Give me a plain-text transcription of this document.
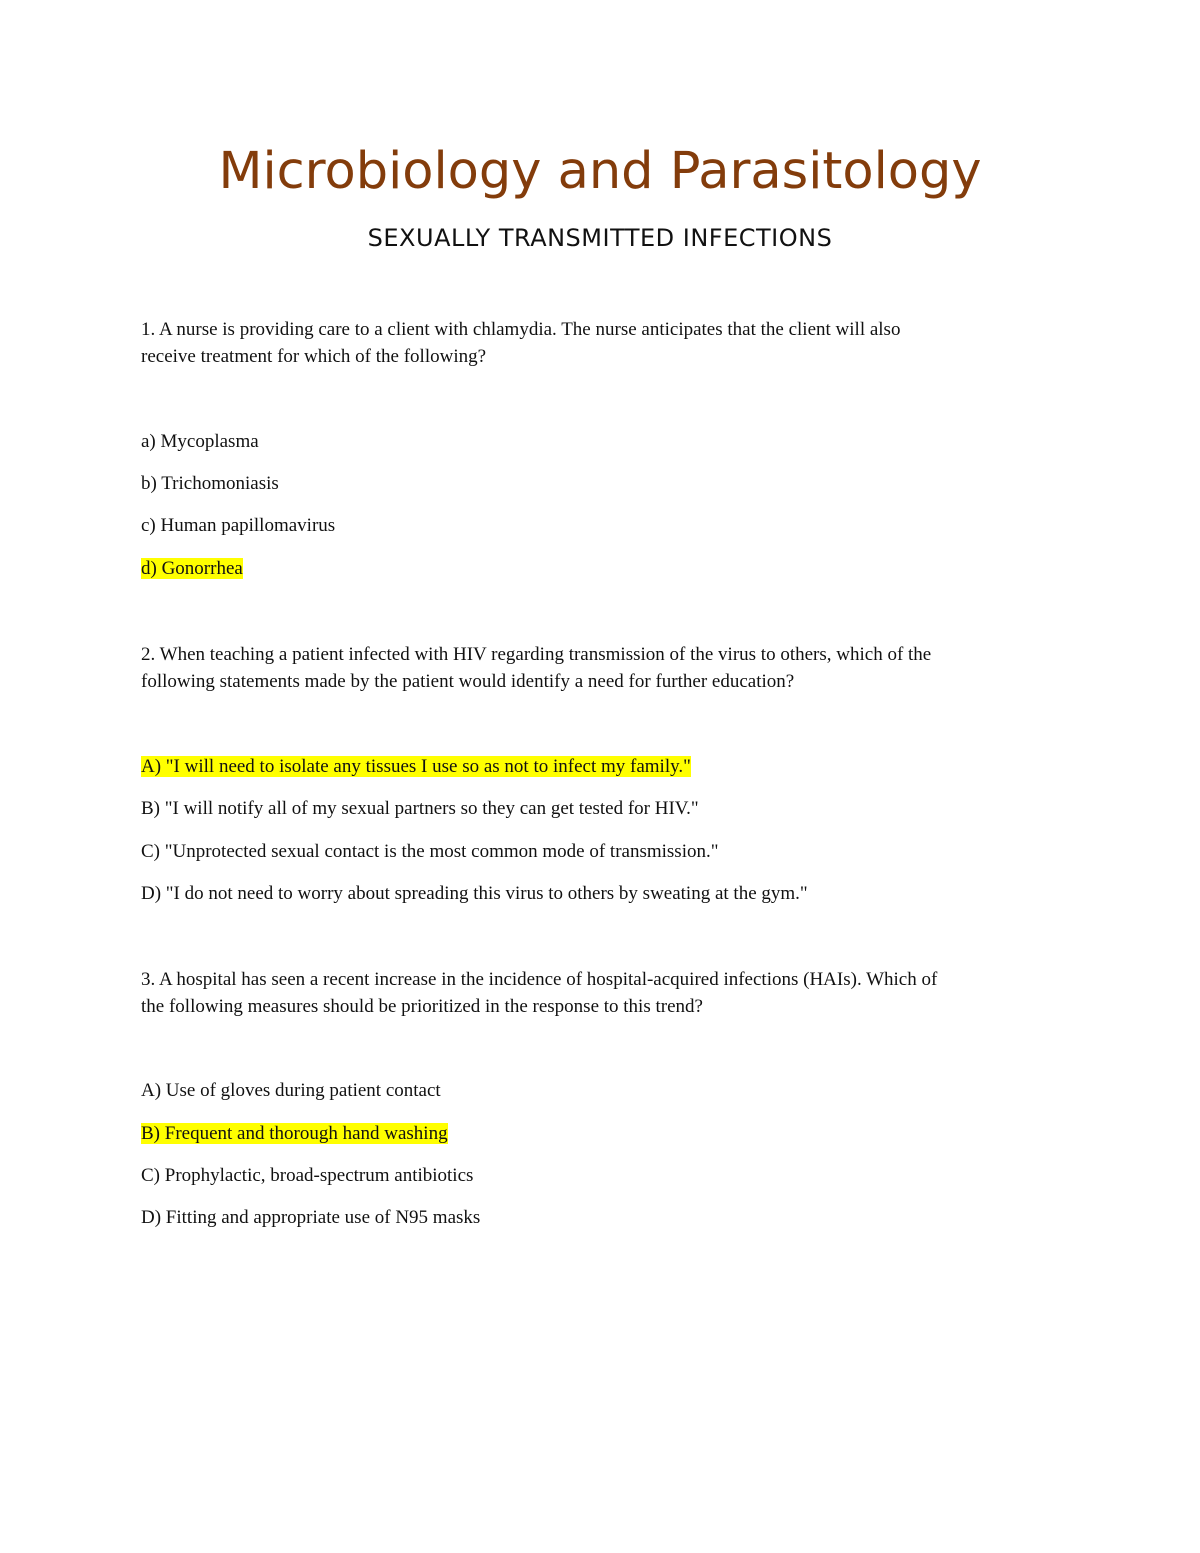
Microbiology and Parasitology
SEXUALLY TRANSMITTED INFECTIONS

1. A nurse is providing care to a client with chlamydia. The nurse anticipates that the client will also

receive treatment for which of the following?

a) Mycoplasma

b) Trichomoniasis

c) Human papillomavirus

d) Gonorrhea

2. When teaching a patient infected with HIV regarding transmission of the virus to others, which of the

following statements made by the patient would identify a need for further education?

A) "I will need to isolate any tissues I use so as not to infect my family."

B) "I will notify all of my sexual partners so they can get tested for HIV."

C) "Unprotected sexual contact is the most common mode of transmission."

D) "I do not need to worry about spreading this virus to others by sweating at the gym."

3. A hospital has seen a recent increase in the incidence of hospital-acquired infections (HAIs). Which of

the following measures should be prioritized in the response to this trend?

A) Use of gloves during patient contact

B) Frequent and thorough hand washing

C) Prophylactic, broad-spectrum antibiotics

D) Fitting and appropriate use of N95 masks
